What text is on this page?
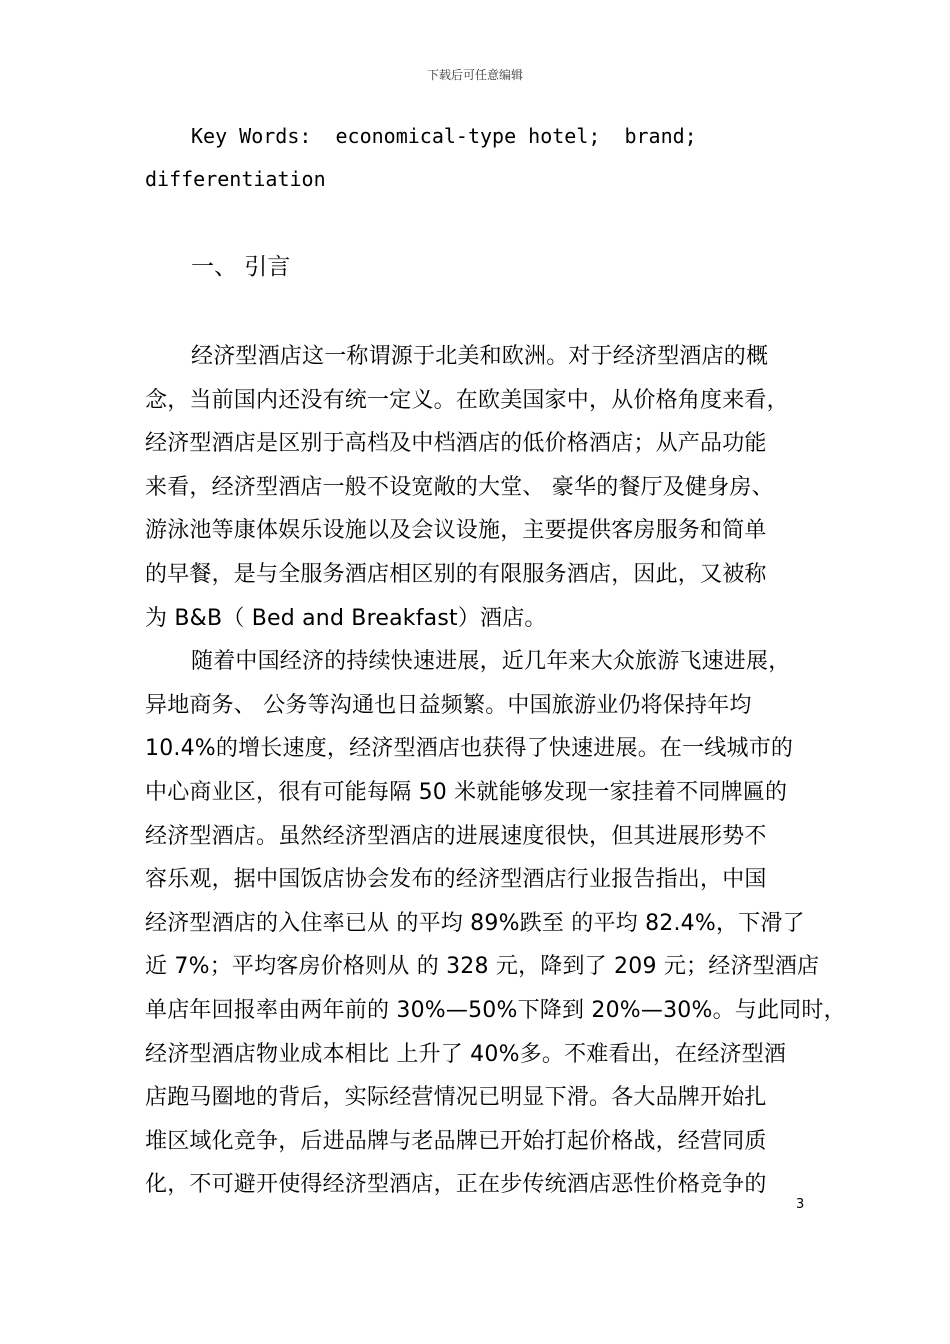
下载后可任意编辑
Key Words:  economical-type hotel;  brand;  differentiation
一、 引言

经济型酒店这一称谓源于北美和欧洲。对于经济型酒店的概
念，当前国内还没有统一定义。在欧美国家中，从价格角度来看，
经济型酒店是区别于高档及中档酒店的低价格酒店；从产品功能
来看，经济型酒店一般不设宽敞的大堂、 豪华的餐厅及健身房、
游泳池等康体娱乐设施以及会议设施，主要提供客房服务和简单
的早餐，是与全服务酒店相区别的有限服务酒店，因此，又被称
为 B&B（ Bed and Breakfast）酒店。

随着中国经济的持续快速进展，近几年来大众旅游飞速进展，
异地商务、 公务等沟通也日益频繁。中国旅游业仍将保持年均
10.4%的增长速度，经济型酒店也获得了快速进展。在一线城市的
中心商业区，很有可能每隔 50 米就能够发现一家挂着不同牌匾的
经济型酒店。虽然经济型酒店的进展速度很快，但其进展形势不
容乐观，据中国饭店协会发布的经济型酒店行业报告指出，中国
经济型酒店的入住率已从 的平均 89%跌至 的平均 82.4%，下滑了
近 7%；平均客房价格则从 的 328 元，降到了 209 元；经济型酒店
单店年回报率由两年前的 30%—50%下降到 20%—30%。与此同时，
经济型酒店物业成本相比 上升了 40%多。不难看出，在经济型酒
店跑马圈地的背后，实际经营情况已明显下滑。各大品牌开始扎
堆区域化竞争，后进品牌与老品牌已开始打起价格战，经营同质
化，不可避开使得经济型酒店，正在步传统酒店恶性价格竞争的

3
